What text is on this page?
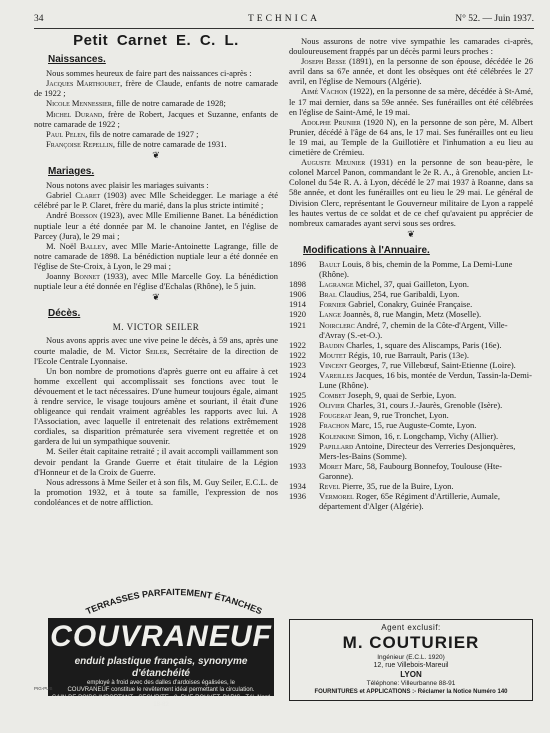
34	TECHNICA	N° 52. — Juin 1937.
Petit Carnet E. C. L.
Naissances.

Nous sommes heureux de faire part des naissances ci-après :

Jacques Marthouret, frère de Claude, enfants de notre camarade de 1922 ;

Nicole Mennessier, fille de notre camarade de 1928;

Michel Durand, frère de Robert, Jacques et Suzanne, enfants de notre camarade de 1922 ;

Paul Pelen, fils de notre camarade de 1927 ;

Françoise Repellin, fille de notre camarade de 1931.

❦
Mariages.

Nous notons avec plaisir les mariages suivants :

Gabriel Claret (1903) avec Mlle Scheidegger. Le mariage a été célébré par le P. Claret, frère du marié, dans la plus stricte intimité ;

André Boisson (1923), avec Mlle Emilienne Banet. La bénédiction nuptiale leur a été donnée par M. le chanoine Jantet, en l'église de Parcey (Jura), le 29 mai ;

M. Noël Balley, avec Mlle Marie-Antoinette Lagrange, fille de notre camarade de 1898. La bénédiction nuptiale leur a été donnée en l'église de Ste-Croix, à Lyon, le 29 mai ;

Joanny Bonnet (1933), avec Mlle Marcelle Goy. La bénédiction nuptiale leur a été donnée en l'église d'Echalas (Rhône), le 5 juin.

❦
Décès.
M. VICTOR SEILER

Nous avons appris avec une vive peine le décès, à 59 ans, après une courte maladie, de M. Victor Seiler, Secrétaire de la direction de l'Ecole Centrale Lyonnaise.

Un bon nombre de promotions d'après guerre ont eu affaire à cet homme excellent qui accomplissait ses fonctions avec tout le dévouement et le tact nécessaires. D'une humeur toujours égale, aimant à rendre service, le visage toujours amène et souriant, il était d'une obligeance qui rendait vraiment agréables les rapports avec lui. A l'Association, avec laquelle il entretenait des relations extrêmement cordiales, sa disparition prématurée sera vivement regrettée et on gardera de lui un sympathique souvenir.

M. Seiler était capitaine retraité ; il avait accompli vaillamment son devoir pendant la Grande Guerre et était titulaire de la Légion d'Honneur et de la Croix de Guerre.

Nous adressons à Mme Seiler et à son fils, M. Guy Seiler, E.C.L. de la promotion 1932, et à toute sa famille, l'expression de nos condoléances et de notre affliction.

Nous assurons de notre vive sympathie les camarades ci-après, douloureusement frappés par un décès parmi leurs proches :

Joseph Besse (1891), en la personne de son épouse, décédée le 26 avril dans sa 67e année, et dont les obsèques ont été célébrées le 27 avril, en l'église de Nemours (Algérie).

Aimé Vachon (1922), en la personne de sa mère, décédée à St-Amé, le 17 mai dernier, dans sa 59e année. Ses funérailles ont été célébrées en l'église de Saint-Amé, le 19 mai.

Adolphe Prunier (1920 N), en la personne de son père, M. Albert Prunier, décédé à l'âge de 64 ans, le 17 mai. Ses funérailles ont eu lieu le 19 mai, au Temple de la Guillotière et l'inhumation a eu lieu au cimetière de Crémieu.

Auguste Meunier (1931) en la personne de son beau-père, le colonel Marcel Panon, commandant le 2e R. A., à Grenoble, ancien Lt-Colonel du 54e R. A. à Lyon, décédé le 27 mai 1937 à Roanne, dans sa 58e année, et dont les funérailles ont eu lieu le 29 mai. Le général de Division Clerc, représentant le Gouverneur militaire de Lyon a rappelé les hautes vertus de ce soldat et de ce chef qu'avaient pu apprécier de nombreux camarades ayant servi sous ses ordres.

❦
Modifications à l'Annuaire.
1896	Bault Louis, 8 bis, chemin de la Pomme, La Demi-Lune (Rhône).
1898	Lagrange Michel, 37, quai Gailleton, Lyon.
1906	Bral Claudius, 254, rue Garibaldi, Lyon.
1914	Fornier Gabriel, Conakry, Guinée Française.
1920	Lange Joannès, 8, rue Mangin, Metz (Moselle).
1921	Noirclerc André, 7, chemin de la Côte-d'Argent, Ville-d'Avray (S.-et-O.).
1922	Baudin Charles, 1, square des Aliscamps, Paris (16e).
1922	Moutet Régis, 10, rue Barrault, Paris (13e).
1923	Vincent Georges, 7, rue Villebœuf, Saint-Etienne (Loire).
1924	Vareilles Jacques, 16 bis, montée de Verdun, Tassin-la-Demi-Lune (Rhône).
1925	Combet Joseph, 9, quai de Serbie, Lyon.
1926	Olivier Charles, 31, cours J.-Jaurès, Grenoble (Isère).
1928	Fougerat Jean, 9, rue Tronchet, Lyon.
1928	Frachon Marc, 15, rue Auguste-Comte, Lyon.
1928	Kolenkine Simon, 16, r. Longchamp, Vichy (Allier).
1929	Papillard Antoine, Directeur des Verreries Desjonquères, Mers-les-Bains (Somme).
1933	Moret Marc, 58, Faubourg Bonnefoy, Toulouse (Hte-Garonne).
1934	Revel Pierre, 35, rue de la Buire, Lyon.
1936	Vermorel Roger, 65e Régiment d'Artillerie, Aumale, département d'Alger (Algérie).
TERRASSES PARFAITEMENT ÉTANCHES
COUVRANEUF
enduit plastique français, synonyme d'étanchéité
employé à froid avec des dalles d'ardoises égalisées, le
COUVRANEUF constitue le revêtement idéal permettant la circulation.
GAIN DE POIDS IMPORTANT · SECURITE · 8, RUE ROUVET, PARIS · Tél. Nord 18-82
PIG-PUB
Agent exclusif:
M. COUTURIER
Ingénieur (E.C.L. 1920)
12, rue Villebois-Mareuil
LYON
Téléphone: Villeurbanne 88-91
FOURNITURES et APPLICATIONS :- Réclamer la Notice Numéro 140
